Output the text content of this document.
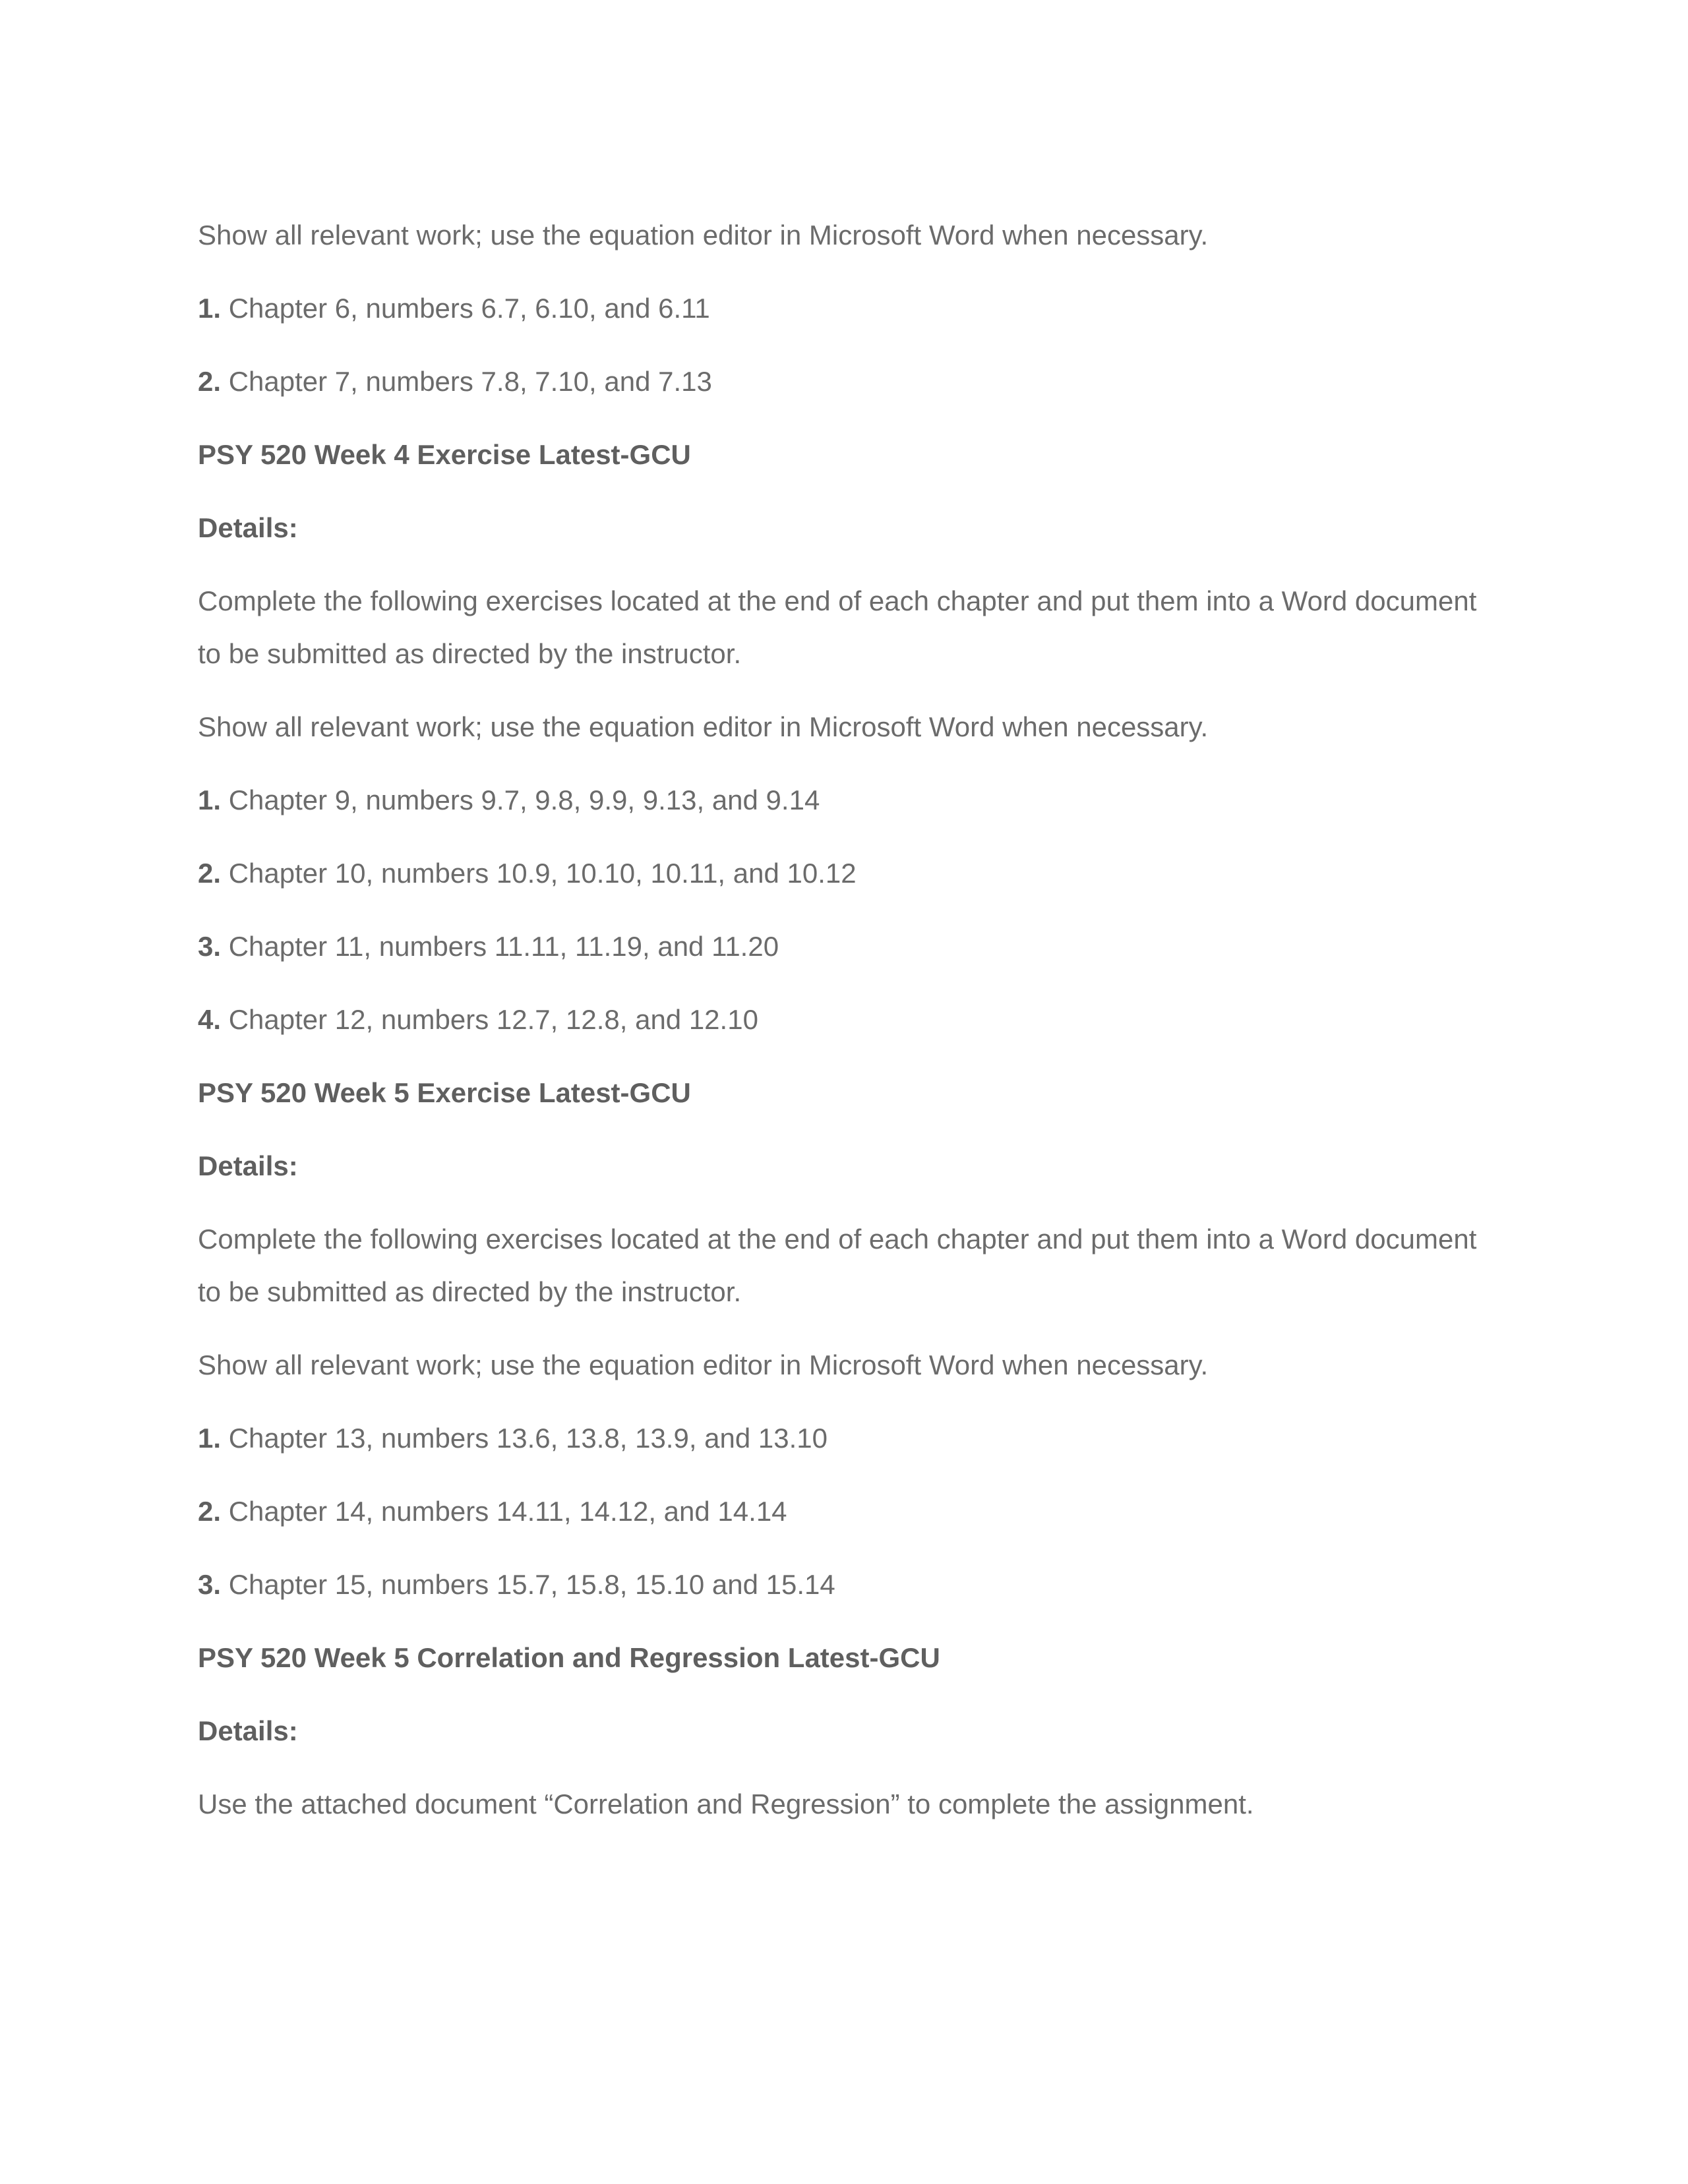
Show all relevant work; use the equation editor in Microsoft Word when necessary.
1. Chapter 6, numbers 6.7, 6.10, and 6.11
2. Chapter 7, numbers 7.8, 7.10, and 7.13
PSY 520 Week 4 Exercise Latest-GCU
Details:
Complete the following exercises located at the end of each chapter and put them into a Word document
to be submitted as directed by the instructor.
Show all relevant work; use the equation editor in Microsoft Word when necessary.
1. Chapter 9, numbers 9.7, 9.8, 9.9, 9.13, and 9.14
2. Chapter 10, numbers 10.9, 10.10, 10.11, and 10.12
3. Chapter 11, numbers 11.11, 11.19, and 11.20
4. Chapter 12, numbers 12.7, 12.8, and 12.10
PSY 520 Week 5 Exercise Latest-GCU
Details:
Complete the following exercises located at the end of each chapter and put them into a Word document
to be submitted as directed by the instructor.
Show all relevant work; use the equation editor in Microsoft Word when necessary.
1. Chapter 13, numbers 13.6, 13.8, 13.9, and 13.10
2. Chapter 14, numbers 14.11, 14.12, and 14.14
3. Chapter 15, numbers 15.7, 15.8, 15.10 and 15.14
PSY 520 Week 5 Correlation and Regression Latest-GCU
Details:
Use the attached document “Correlation and Regression” to complete the assignment.
